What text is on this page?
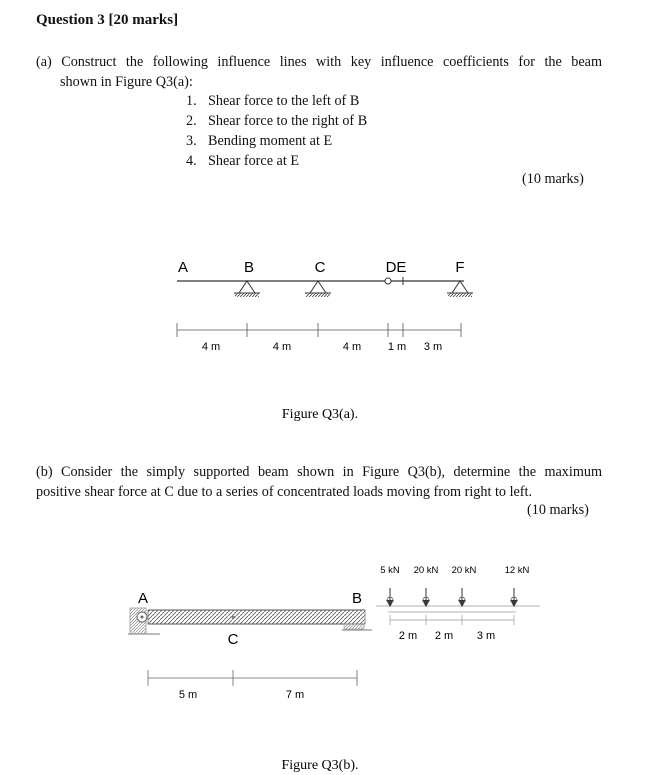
Question 3 [20 marks]
(a) Construct the following influence lines with key influence coefficients for the beam
shown in Figure Q3(a):
1. Shear force to the left of B
2. Shear force to the right of B
3. Bending moment at E
4. Shear force at E
(10 marks)
A	B	C	DE	F
4 m	4 m	4 m 1 m 3 m
Figure Q3(a).
(b) Consider the simply supported beam shown in Figure Q3(b), determine the maximum
positive shear force at C due to a series of concentrated loads moving from right to left.
(10 marks)
A	B
C
5 kN 20 kN 20 kN	12 kN
2 m 2 m 3 m
5 m	7 m
Figure Q3(b).
